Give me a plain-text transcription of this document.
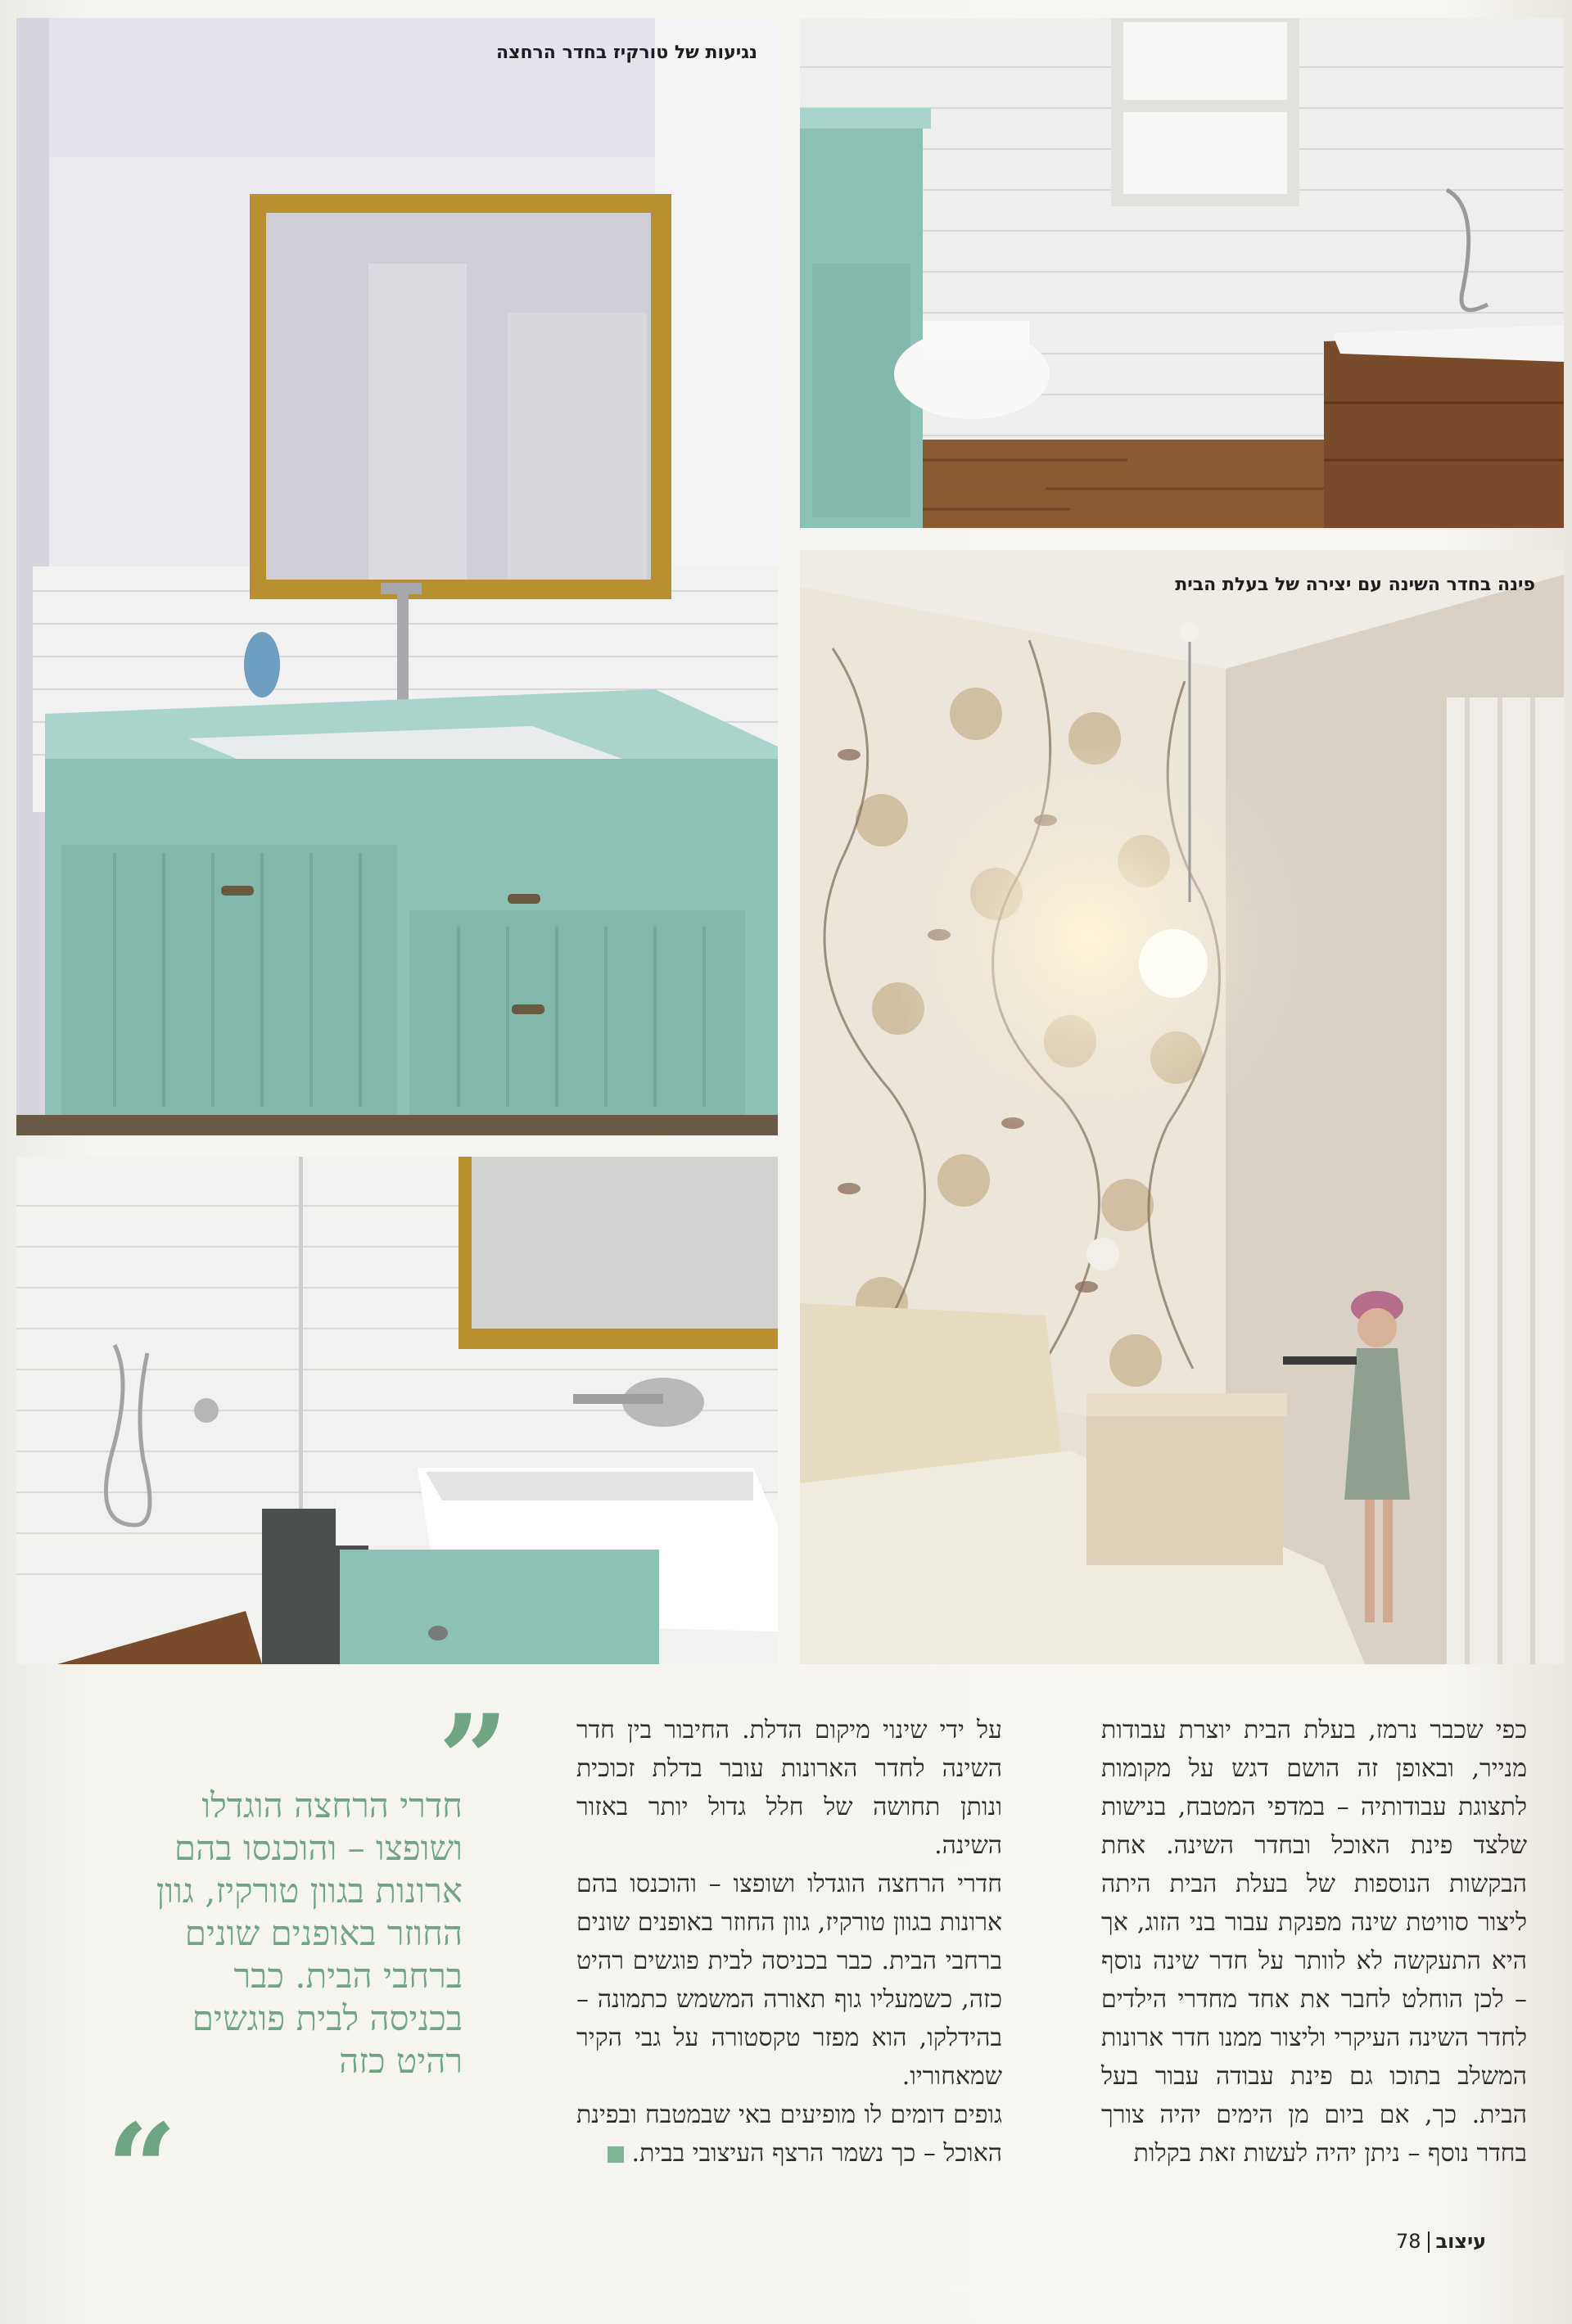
נגיעות של טורקיז בחדר הרחצה
פינה בחדר השינה עם יצירה של בעלת הבית

כפי שכבר נרמז, בעלת הבית יוצרת עבודות מנייר, ובאופן זה הושם דגש על מקומות לתצוגת עבודותיה – במדפי המטבח, בנישות שלצד פינת האוכל ובחדר השינה. אחת הבקשות הנוספות של בעלת הבית היתה ליצור סוויטת שינה מפנקת עבור בני הזוג, אך היא התעקשה לא לוותר על חדר שינה נוסף – לכן הוחלט לחבר את אחד מחדרי הילדים לחדר השינה העיקרי וליצור ממנו חדר ארונות המשלב בתוכו גם פינת עבודה עבור בעל הבית. כך, אם ביום מן הימים יהיה צורך בחדר נוסף – ניתן יהיה לעשות זאת בקלות

על ידי שינוי מיקום הדלת. החיבור בין חדר השינה לחדר הארונות עובר בדלת זכוכית ונותן תחושה של חלל גדול יותר באזור השינה.

חדרי הרחצה הוגדלו ושופצו – והוכנסו בהם ארונות בגוון טורקיז, גוון החוזר באופנים שונים ברחבי הבית. כבר בכניסה לבית פוגשים רהיט כזה, כשמעליו גוף תאורה המשמש כתמונה – בהידלקו, הוא מפזר טקסטורה על גבי הקיר שמאחוריו.

גופים דומים לו מופיעים באי שבמטבח ובפינת האוכל – כך נשמר הרצף העיצובי בבית.

”
חדרי הרחצה הוגדלו ושופצו – והוכנסו בהם ארונות בגוון טורקיז, גוון החוזר באופנים שונים ברחבי הבית. כבר בכניסה לבית פוגשים רהיט כזה
“	78 עיצוב
